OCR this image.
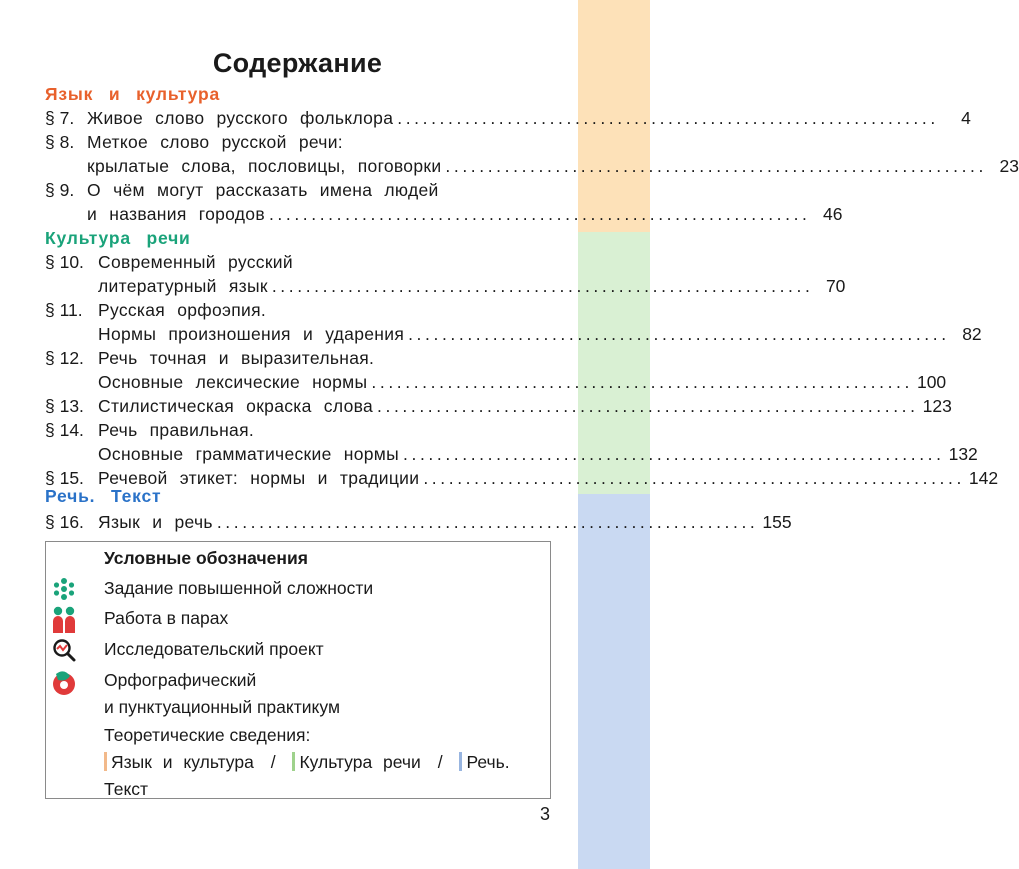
Содержание
Язык и культура
Культура речи
Речь. Текст
§ 7. Живое слово русского фольклора ................................................................	4
§ 8. Меткое слово русской речи:
крылатые слова, пословицы, поговорки ................................................................ 23
§ 9. О чём могут рассказать имена людей
и названия городов ................................................................ 46
§ 10. Современный русский
литературный язык ................................................................ 70
§ 11. Русская орфоэпия.
Нормы произношения и ударения ................................................................ 82
§ 12. Речь точная и выразительная.
Основные лексические нормы ................................................................ 100
§ 13. Стилистическая окраска слова ................................................................ 123
§ 14. Речь правильная.
Основные грамматические нормы ................................................................ 132
§ 15. Речевой этикет: нормы и традиции ................................................................ 142
§ 16. Язык и речь ................................................................ 155
Условные обозначения
Задание повышенной сложности
Работа в парах
Исследовательский проект
Орфографический
и пунктуационный практикум
Теоретические сведения:
Язык и культура / Культура речи / Речь.
Текст
3
